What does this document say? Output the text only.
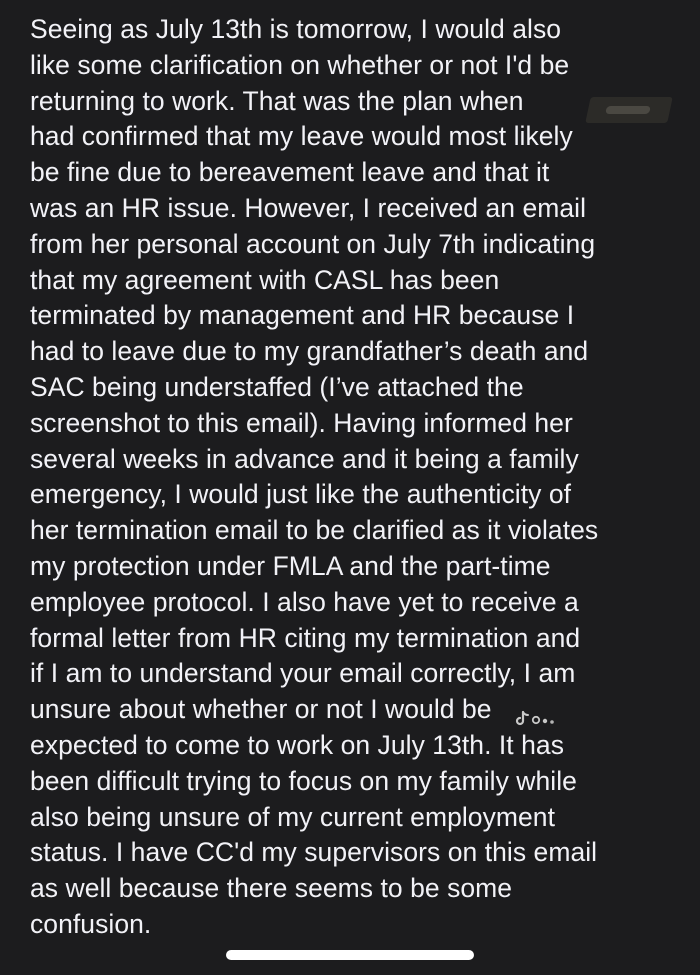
Seeing as July 13th is tomorrow, I would also
like some clarification on whether or not I'd be
returning to work. That was the plan when
had confirmed that my leave would most likely
be fine due to bereavement leave and that it
was an HR issue. However, I received an email
from her personal account on July 7th indicating
that my agreement with CASL has been
terminated by management and HR because I
had to leave due to my grandfather’s death and
SAC being understaffed (I’ve attached the
screenshot to this email). Having informed her
several weeks in advance and it being a family
emergency, I would just like the authenticity of
her termination email to be clarified as it violates
my protection under FMLA and the part-time
employee protocol. I also have yet to receive a
formal letter from HR citing my termination and
if I am to understand your email correctly, I am
unsure about whether or not I would be
expected to come to work on July 13th. It has
been difficult trying to focus on my family while
also being unsure of my current employment
status. I have CC'd my supervisors on this email
as well because there seems to be some
confusion.
